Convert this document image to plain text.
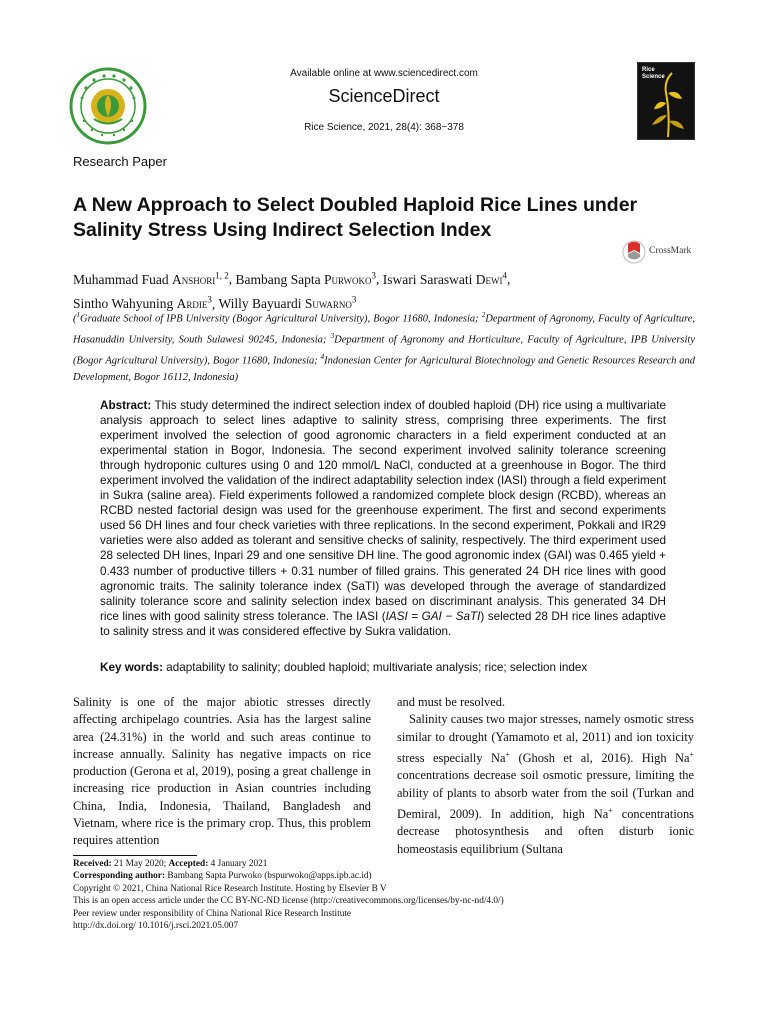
Available online at www.sciencedirect.com
ScienceDirect
Rice Science, 2021, 28(4): 368−378
Rice Science
Research Paper
A New Approach to Select Doubled Haploid Rice Lines under Salinity Stress Using Indirect Selection Index
CrossMark
Muhammad Fuad Anshori$^{1, 2}$, Bambang Sapta Purwoko$^3$, Iswari Saraswati Dewi$^4$,
Sintho Wahyuning Ardie$^3$, Willy Bayuardi Suwarno$^3$
($^1$Graduate School of IPB University (Bogor Agricultural University), Bogor 11680, Indonesia; $^2$Department of Agronomy, Faculty of Agriculture, Hasanuddin University, South Sulawesi 90245, Indonesia; $^3$Department of Agronomy and Horticulture, Faculty of Agriculture, IPB University (Bogor Agricultural University), Bogor 11680, Indonesia; $^4$Indonesian Center for Agricultural Biotechnology and Genetic Resources Research and Development, Bogor 16112, Indonesia)
Abstract: This study determined the indirect selection index of doubled haploid (DH) rice using a multivariate analysis approach to select lines adaptive to salinity stress, comprising three experiments. The first experiment involved the selection of good agronomic characters in a field experiment conducted at an experimental station in Bogor, Indonesia. The second experiment involved salinity tolerance screening through hydroponic cultures using 0 and 120 mmol/L NaCl, conducted at a greenhouse in Bogor. The third experiment involved the validation of the indirect adaptability selection index (IASI) through a field experiment in Sukra (saline area). Field experiments followed a randomized complete block design (RCBD), whereas an RCBD nested factorial design was used for the greenhouse experiment. The first and second experiments used 56 DH lines and four check varieties with three replications. In the second experiment, Pokkali and IR29 varieties were also added as tolerant and sensitive checks of salinity, respectively. The third experiment used 28 selected DH lines, Inpari 29 and one sensitive DH line. The good agronomic index (GAI) was 0.465 yield + 0.433 number of productive tillers + 0.31 number of filled grains. This generated 24 DH rice lines with good agronomic traits. The salinity tolerance index (SaTI) was developed through the average of standardized salinity tolerance score and salinity selection index based on discriminant analysis. This generated 34 DH rice lines with good salinity stress tolerance. The IASI (IASI = GAI − SaTI) selected 28 DH rice lines adaptive to salinity stress and it was considered effective by Sukra validation.
Key words: adaptability to salinity; doubled haploid; multivariate analysis; rice; selection index

Salinity is one of the major abiotic stresses directly affecting archipelago countries. Asia has the largest saline area (24.31%) in the world and such areas continue to increase annually. Salinity has negative impacts on rice production (Gerona et al, 2019), posing a great challenge in increasing rice production in Asian countries including China, India, Indonesia, Thailand, Bangladesh and Vietnam, where rice is the primary crop. Thus, this problem requires attention

and must be resolved.

Salinity causes two major stresses, namely osmotic stress similar to drought (Yamamoto et al, 2011) and ion toxicity stress especially Na+ (Ghosh et al, 2016). High Na+ concentrations decrease soil osmotic pressure, limiting the ability of plants to absorb water from the soil (Turkan and Demiral, 2009). In addition, high Na+ concentrations decrease photosynthesis and often disturb ionic homeostasis equilibrium (Sultana

Received: 21 May 2020; Accepted: 4 January 2021
Corresponding author: Bambang Sapta Purwoko (bspurwoko@apps.ipb.ac.id)
Copyright © 2021, China National Rice Research Institute. Hosting by Elsevier B V
This is an open access article under the CC BY-NC-ND license (http://creativecommons.org/licenses/by-nc-nd/4.0/)
Peer review under responsibility of China National Rice Research Institute
http://dx.doi.org/ 10.1016/j.rsci.2021.05.007
